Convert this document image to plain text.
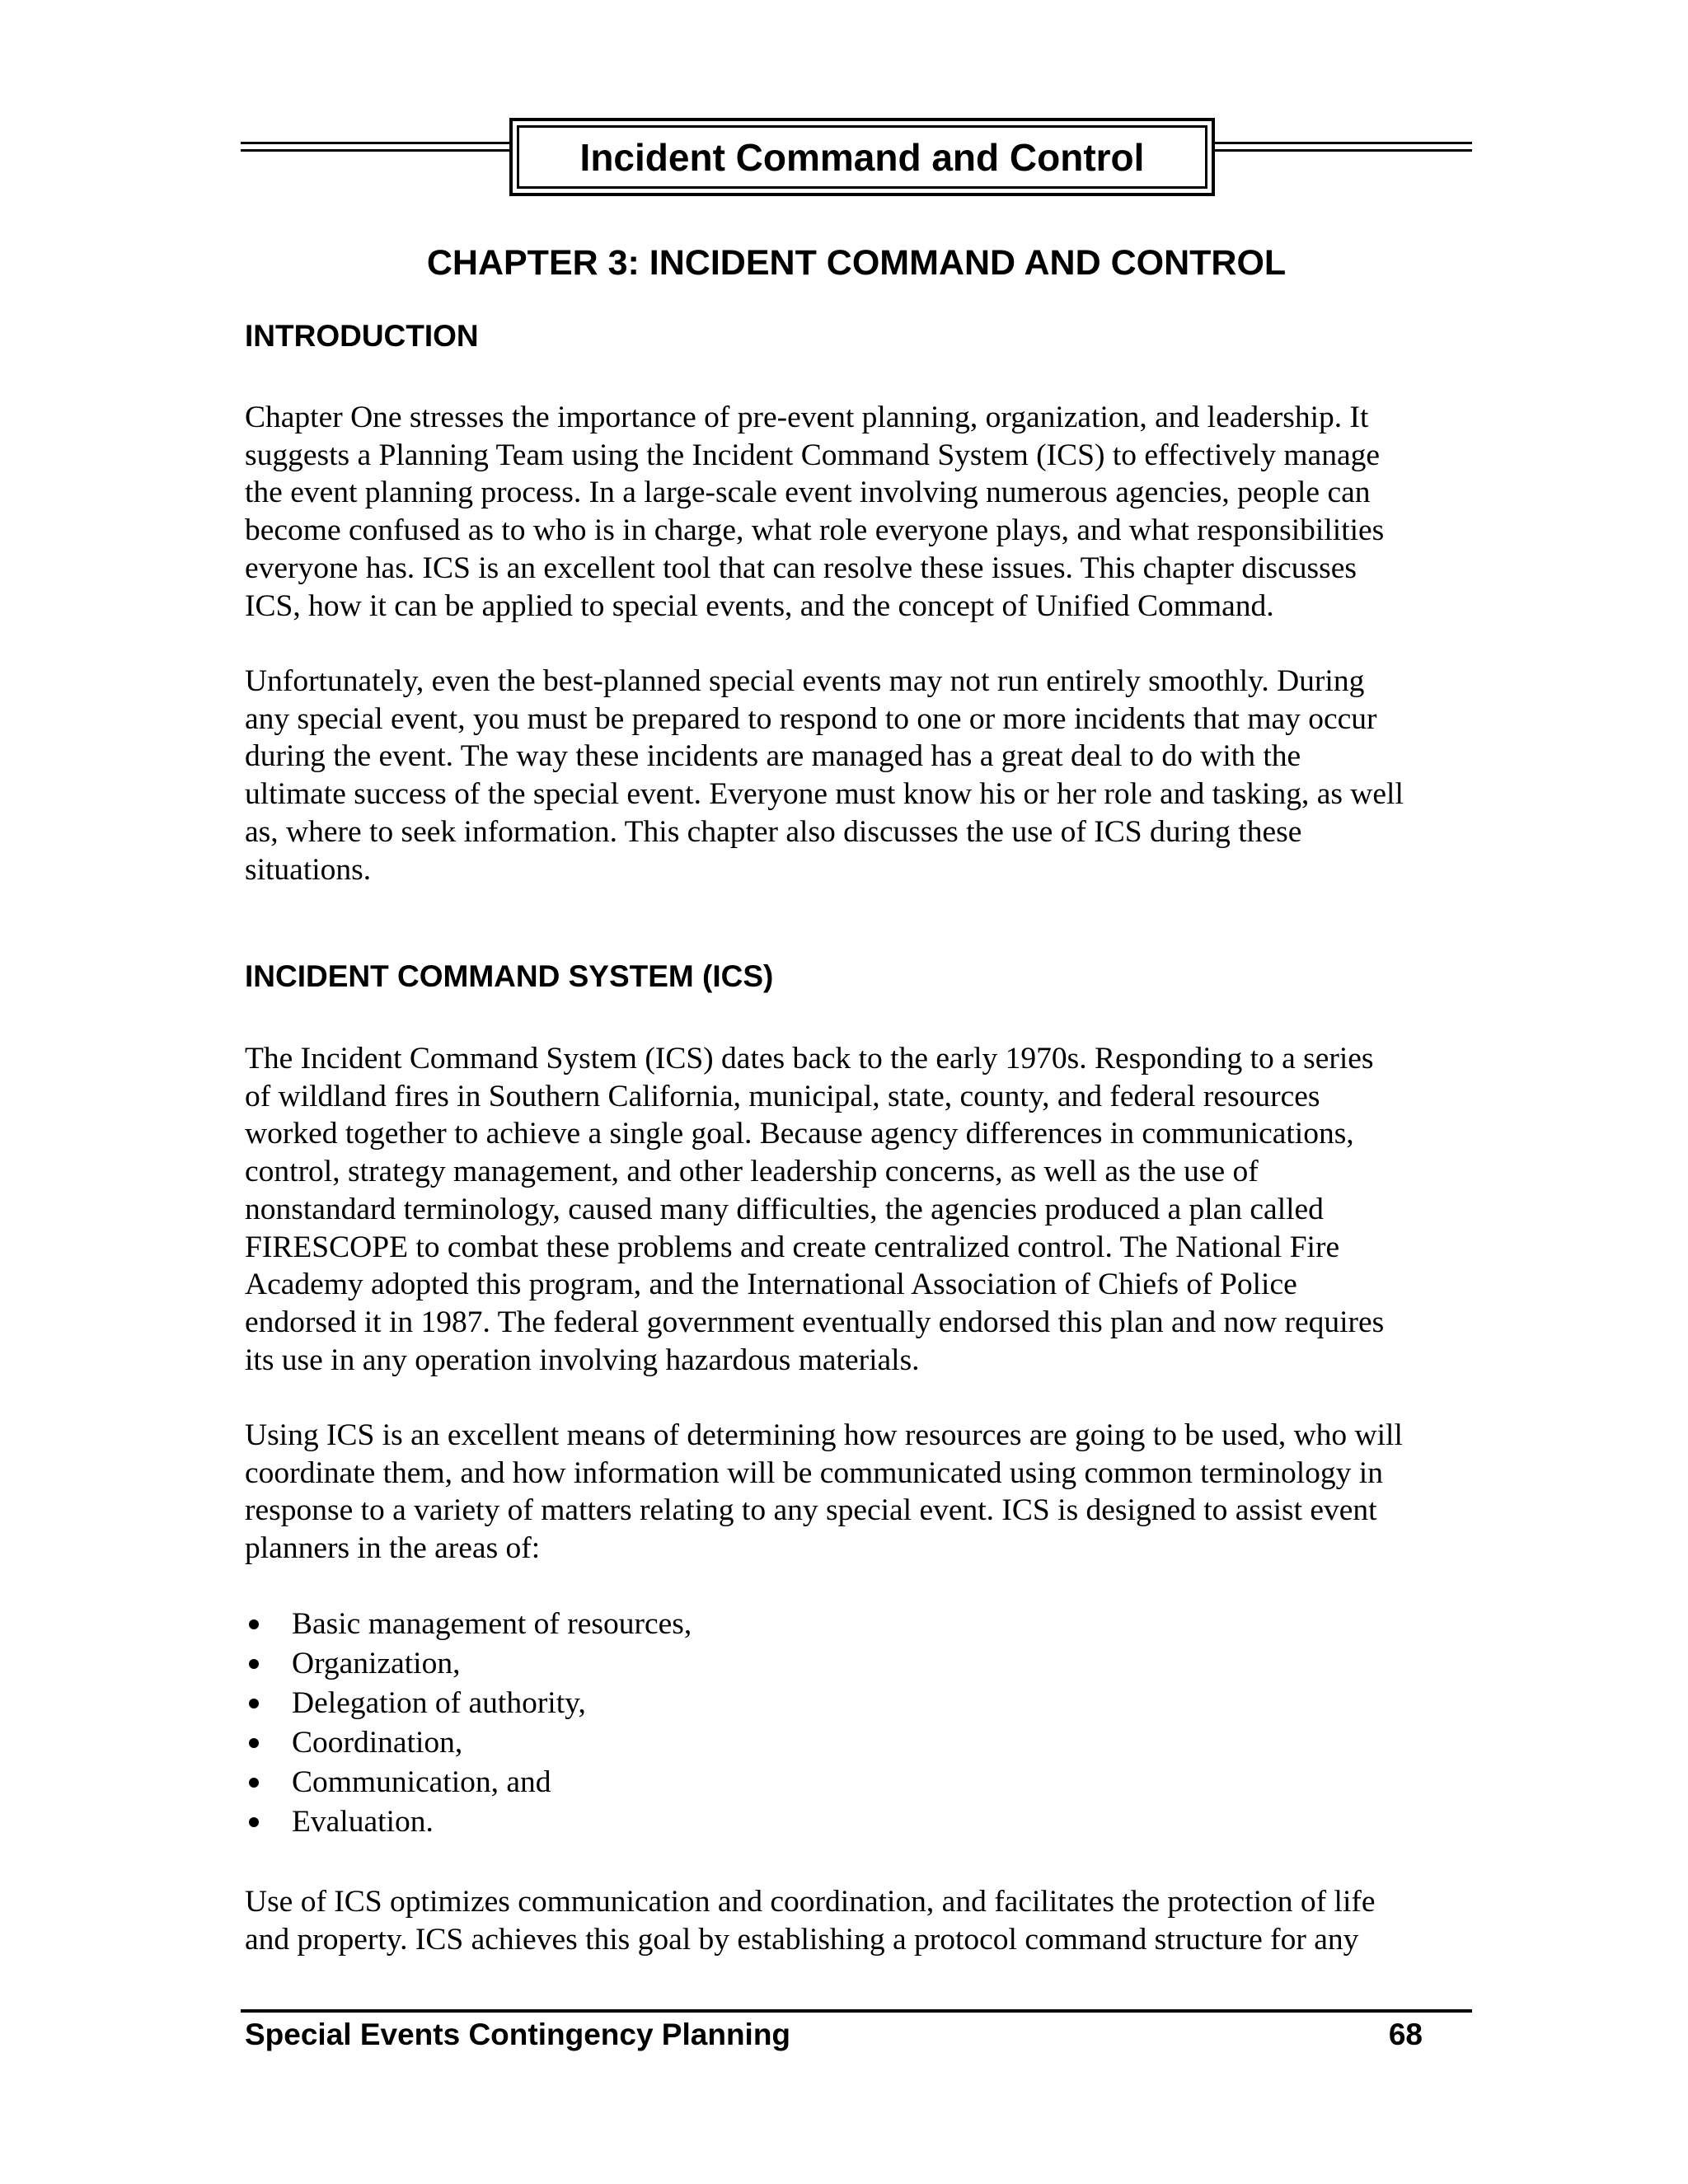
Incident Command and Control
CHAPTER 3: INCIDENT COMMAND AND CONTROL
INTRODUCTION
Chapter One stresses the importance of pre-event planning, organization, and leadership. It
suggests a Planning Team using the Incident Command System (ICS) to effectively manage
the event planning process. In a large-scale event involving numerous agencies, people can
become confused as to who is in charge, what role everyone plays, and what responsibilities
everyone has. ICS is an excellent tool that can resolve these issues. This chapter discusses
ICS, how it can be applied to special events, and the concept of Unified Command.
Unfortunately, even the best-planned special events may not run entirely smoothly. During
any special event, you must be prepared to respond to one or more incidents that may occur
during the event. The way these incidents are managed has a great deal to do with the
ultimate success of the special event. Everyone must know his or her role and tasking, as well
as, where to seek information. This chapter also discusses the use of ICS during these
situations.
INCIDENT COMMAND SYSTEM (ICS)
The Incident Command System (ICS) dates back to the early 1970s. Responding to a series
of wildland fires in Southern California, municipal, state, county, and federal resources
worked together to achieve a single goal. Because agency differences in communications,
control, strategy management, and other leadership concerns, as well as the use of
nonstandard terminology, caused many difficulties, the agencies produced a plan called
FIRESCOPE to combat these problems and create centralized control. The National Fire
Academy adopted this program, and the International Association of Chiefs of Police
endorsed it in 1987. The federal government eventually endorsed this plan and now requires
its use in any operation involving hazardous materials.
Using ICS is an excellent means of determining how resources are going to be used, who will
coordinate them, and how information will be communicated using common terminology in
response to a variety of matters relating to any special event. ICS is designed to assist event
planners in the areas of:
Basic management of resources,
Organization,
Delegation of authority,
Coordination,
Communication, and
Evaluation.
Use of ICS optimizes communication and coordination, and facilitates the protection of life
and property. ICS achieves this goal by establishing a protocol command structure for any
Special Events Contingency Planning	68
